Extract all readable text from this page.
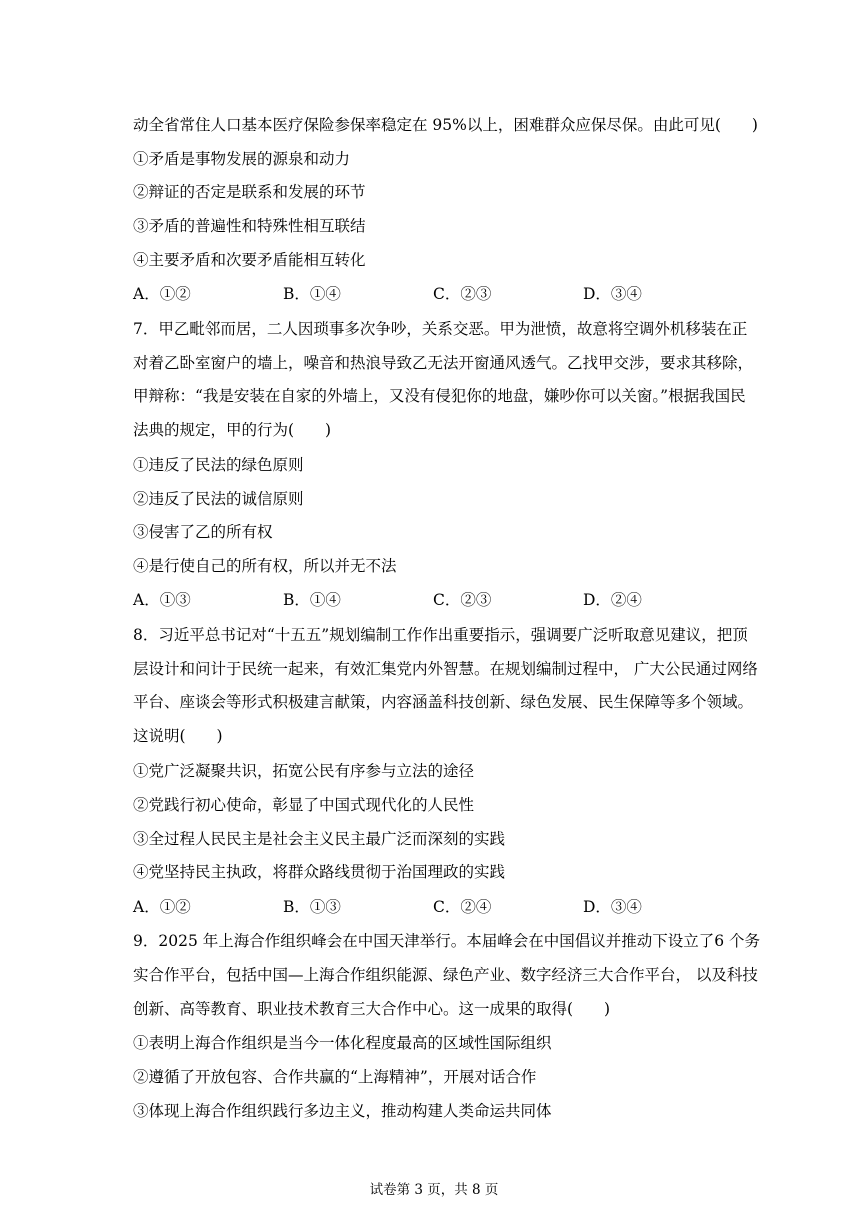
动全省常住人口基本医疗保险参保率稳定在 95%以上，困难群众应保尽保。由此可见(　　)
①矛盾是事物发展的源泉和动力
②辩证的否定是联系和发展的环节
③矛盾的普遍性和特殊性相互联结
④主要矛盾和次要矛盾能相互转化
A．①②	B．①④	C．②③	D．③④
7．甲乙毗邻而居，二人因琐事多次争吵，关系交恶。甲为泄愤，故意将空调外机移装在正
对着乙卧室窗户的墙上，噪音和热浪导致乙无法开窗通风透气。乙找甲交涉，要求其移除，
甲辩称：“我是安装在自家的外墙上，又没有侵犯你的地盘，嫌吵你可以关窗。”根据我国民
法典的规定，甲的行为(　　)
①违反了民法的绿色原则
②违反了民法的诚信原则
③侵害了乙的所有权
④是行使自己的所有权，所以并无不法
A．①③	B．①④	C．②③	D．②④
8．习近平总书记对“十五五”规划编制工作作出重要指示，强调要广泛听取意见建议，把顶
层设计和问计于民统一起来，有效汇集党内外智慧。在规划编制过程中， 广大公民通过网络
平台、座谈会等形式积极建言献策，内容涵盖科技创新、绿色发展、民生保障等多个领域。
这说明(　　)
①党广泛凝聚共识，拓宽公民有序参与立法的途径
②党践行初心使命，彰显了中国式现代化的人民性
③全过程人民民主是社会主义民主最广泛而深刻的实践
④党坚持民主执政，将群众路线贯彻于治国理政的实践
A．①②	B．①③	C．②④	D．③④
9．2025 年上海合作组织峰会在中国天津举行。本届峰会在中国倡议并推动下设立了6 个务
实合作平台，包括中国—上海合作组织能源、绿色产业、数字经济三大合作平台， 以及科技
创新、高等教育、职业技术教育三大合作中心。这一成果的取得(　　)
①表明上海合作组织是当今一体化程度最高的区域性国际组织
②遵循了开放包容、合作共赢的“上海精神”，开展对话合作
③体现上海合作组织践行多边主义，推动构建人类命运共同体
试卷第 3 页，共 8 页
